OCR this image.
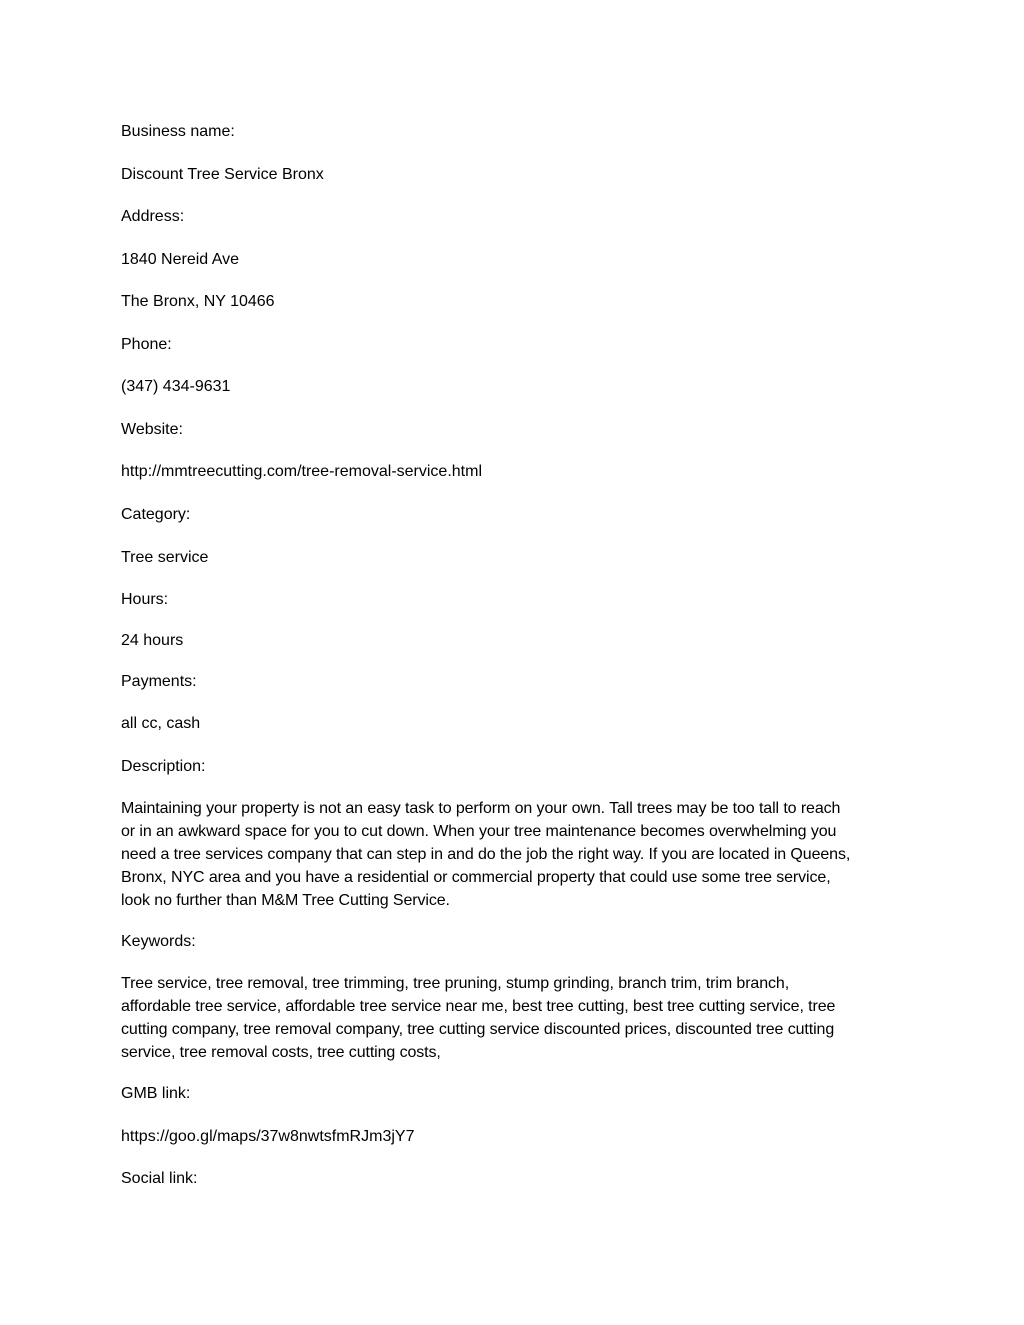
Business name:
Discount Tree Service Bronx
Address:
1840 Nereid Ave
The Bronx, NY 10466
Phone:
(347) 434-9631
Website:
http://mmtreecutting.com/tree-removal-service.html
Category:
Tree service
Hours:
24 hours
Payments:
all cc, cash
Description:
Maintaining your property is not an easy task to perform on your own. Tall trees may be too tall to reach
or in an awkward space for you to cut down. When your tree maintenance becomes overwhelming you
need a tree services company that can step in and do the job the right way. If you are located in Queens,
Bronx, NYC area and you have a residential or commercial property that could use some tree service,
look no further than M&M Tree Cutting Service.
Keywords:
Tree service, tree removal, tree trimming, tree pruning, stump grinding, branch trim, trim branch,
affordable tree service, affordable tree service near me, best tree cutting, best tree cutting service, tree
cutting company, tree removal company, tree cutting service discounted prices, discounted tree cutting
service, tree removal costs, tree cutting costs,
GMB link:
https://goo.gl/maps/37w8nwtsfmRJm3jY7
Social link:
